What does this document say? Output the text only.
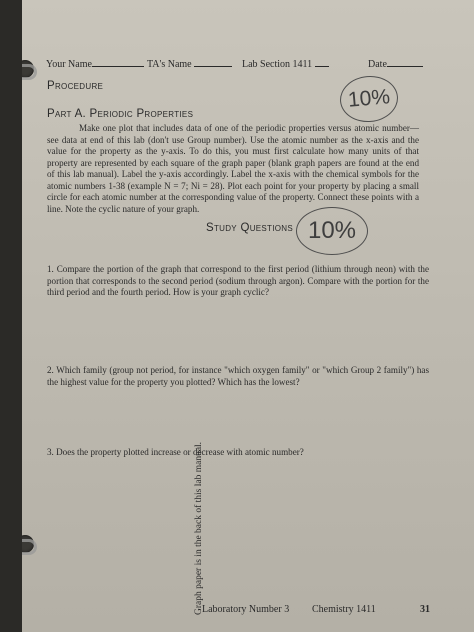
Your Name	TA's Name	Lab Section 1411	Date
Procedure	10%
Part A. Periodic Properties

Make one plot that includes data of one of the periodic properties versus atomic number—see data at end of this lab (don't use Group number). Use the atomic number as the x-axis and the value for the property as the y-axis. To do this, you must first calculate how many units of that property are represented by each square of the graph paper (blank graph papers are found at the end of this lab manual). Label the y-axis accordingly. Label the x-axis with the chemical symbols for the atomic numbers 1-38 (example N = 7; Ni = 28). Plot each point for your property by placing a small circle for each atomic number at the corresponding value of the property. Connect these points with a line. Note the cyclic nature of your graph.

Study Questions 10%

1. Compare the portion of the graph that correspond to the first period (lithium through neon) with the portion that corresponds to the second period (sodium through argon). Compare with the portion for the third period and the fourth period. How is your graph cyclic?

2. Which family (group not period, for instance "which oxygen family" or "which Group 2 family") has the highest value for the property you plotted? Which has the lowest?

3. Does the property plotted increase or decrease with atomic number?

Graph paper is in the back of this lab manual.
Laboratory Number 3 Chemistry 1411	31
